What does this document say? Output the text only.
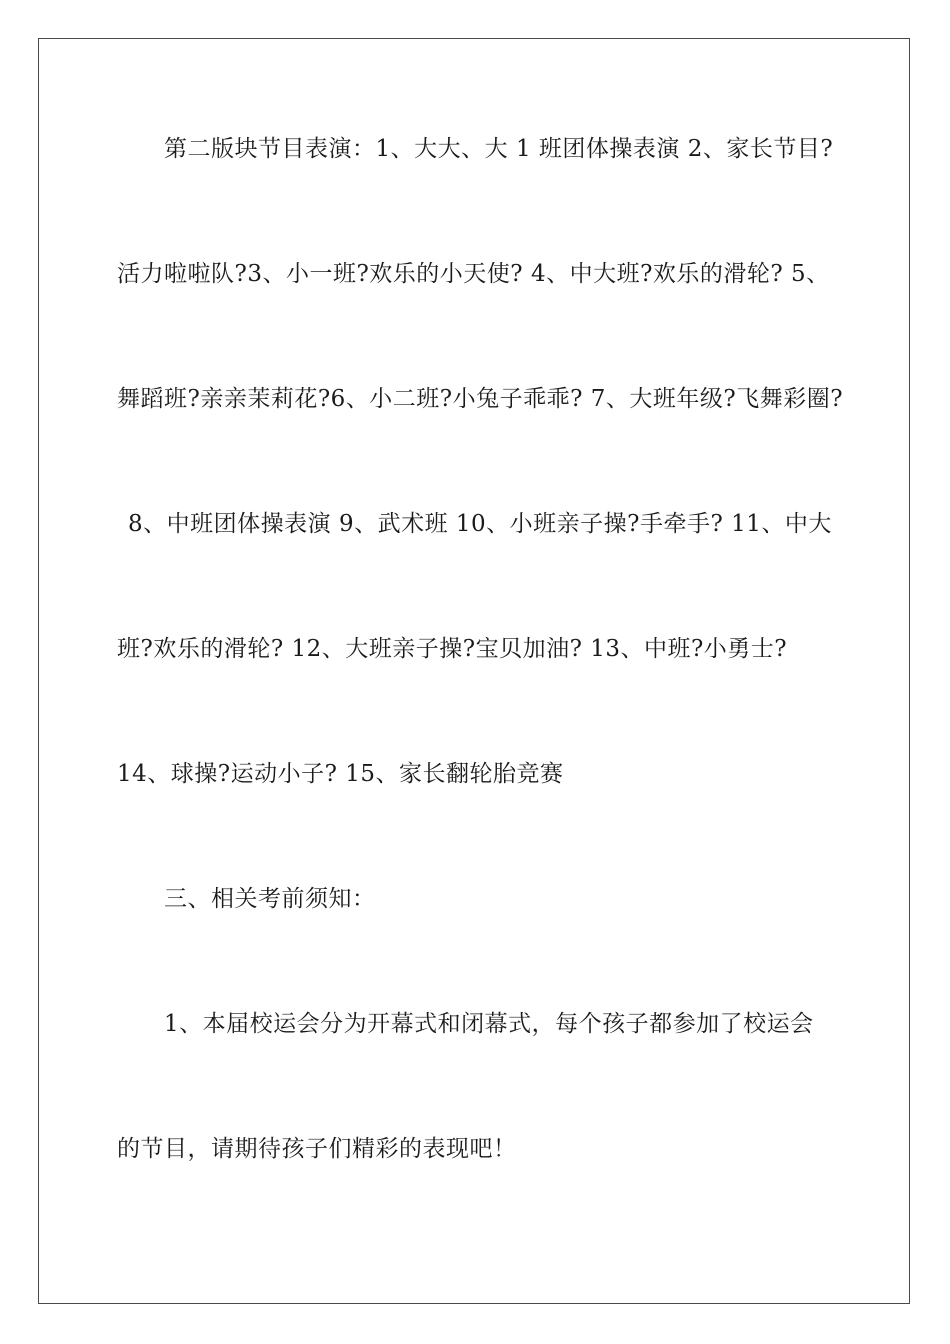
第二版块节目表演：1、大大、大 1 班团体操表演 2、家长节目?
活力啦啦队?3、小一班?欢乐的小天使? 4、中大班?欢乐的滑轮? 5、
舞蹈班?亲亲茉莉花?6、小二班?小兔子乖乖? 7、大班年级?飞舞彩圈?
8、中班团体操表演 9、武术班 10、小班亲子操?手牵手? 11、中大
班?欢乐的滑轮? 12、大班亲子操?宝贝加油? 13、中班?小勇士?
14、球操?运动小子? 15、家长翻轮胎竞赛
三、相关考前须知：
1、本届校运会分为开幕式和闭幕式，每个孩子都参加了校运会
的节目，请期待孩子们精彩的表现吧！
